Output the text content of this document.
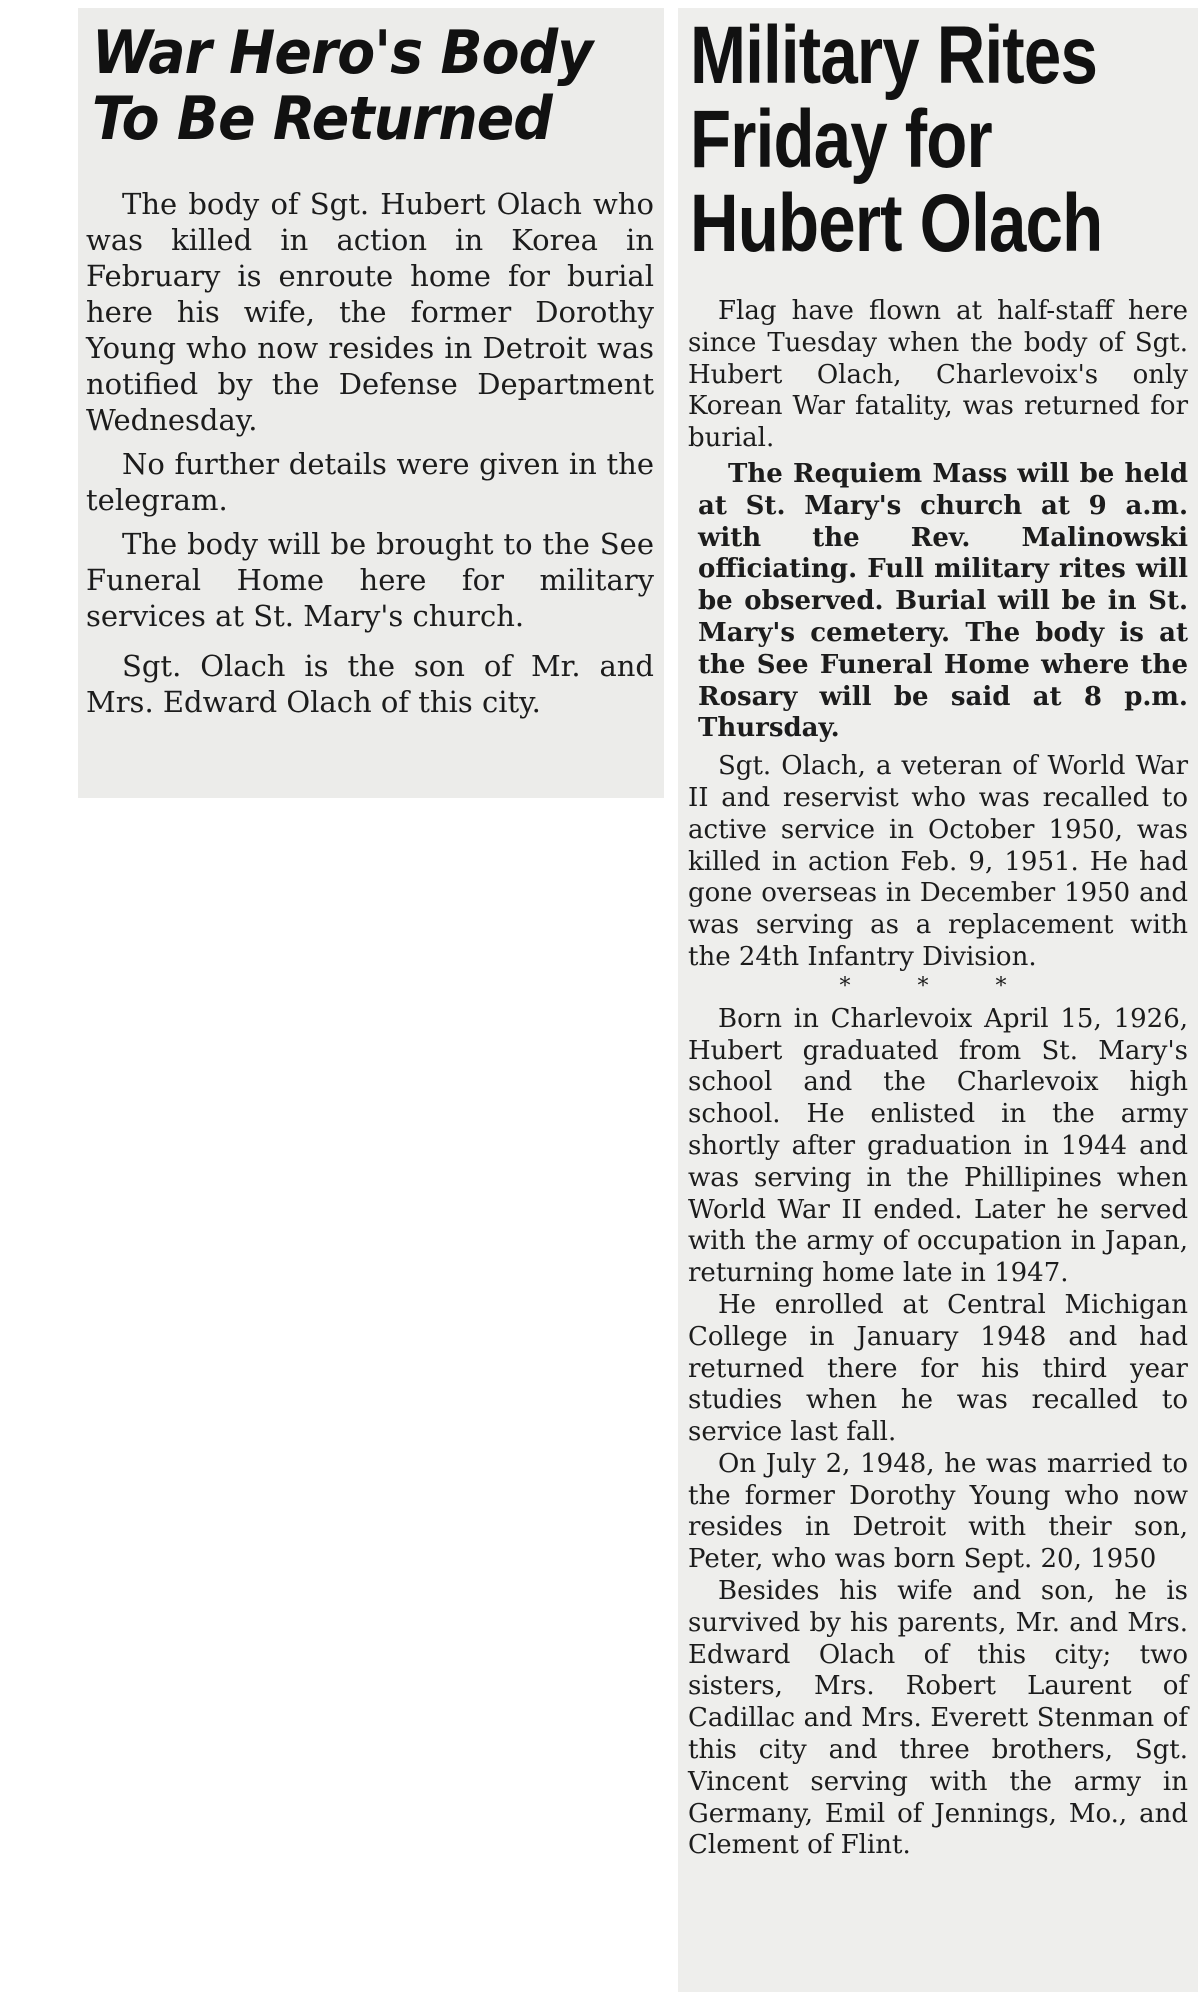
War Hero's Body
To Be Returned

The body of Sgt. Hubert Olach who was killed in action in Korea in February is enroute home for burial here his wife, the former Dorothy Young who now resides in Detroit was notified by the Defense Department Wednesday.

No further details were given in the telegram.

The body will be brought to the See Funeral Home here for military services at St. Mary's church.

Sgt. Olach is the son of Mr. and Mrs. Edward Olach of this city.

Military Rites
Friday for
Hubert Olach

Flag have flown at half-staff here since Tuesday when the body of Sgt. Hubert Olach, Charlevoix's only Korean War fatality, was returned for burial.

The Requiem Mass will be held at St. Mary's church at 9 a.m. with the Rev. Malinowski officiating. Full military rites will be observed. Burial will be in St. Mary's cemetery. The body is at the See Funeral Home where the Rosary will be said at 8 p.m. Thursday.

Sgt. Olach, a veteran of World War II and reservist who was recalled to active service in October 1950, was killed in action Feb. 9, 1951. He had gone overseas in December 1950 and was serving as a replacement with the 24th Infantry Division.

* * *

Born in Charlevoix April 15, 1926, Hubert graduated from St. Mary's school and the Charlevoix high school. He enlisted in the army shortly after graduation in 1944 and was serving in the Phillipines when World War II ended. Later he served with the army of occupation in Japan, returning home late in 1947.

He enrolled at Central Michigan College in January 1948 and had returned there for his third year studies when he was recalled to service last fall.

On July 2, 1948, he was married to the former Dorothy Young who now resides in Detroit with their son, Peter, who was born Sept. 20, 1950

Besides his wife and son, he is survived by his parents, Mr. and Mrs. Edward Olach of this city; two sisters, Mrs. Robert Laurent of Cadillac and Mrs. Everett Stenman of this city and three brothers, Sgt. Vincent serving with the army in Germany, Emil of Jennings, Mo., and Clement of Flint.
